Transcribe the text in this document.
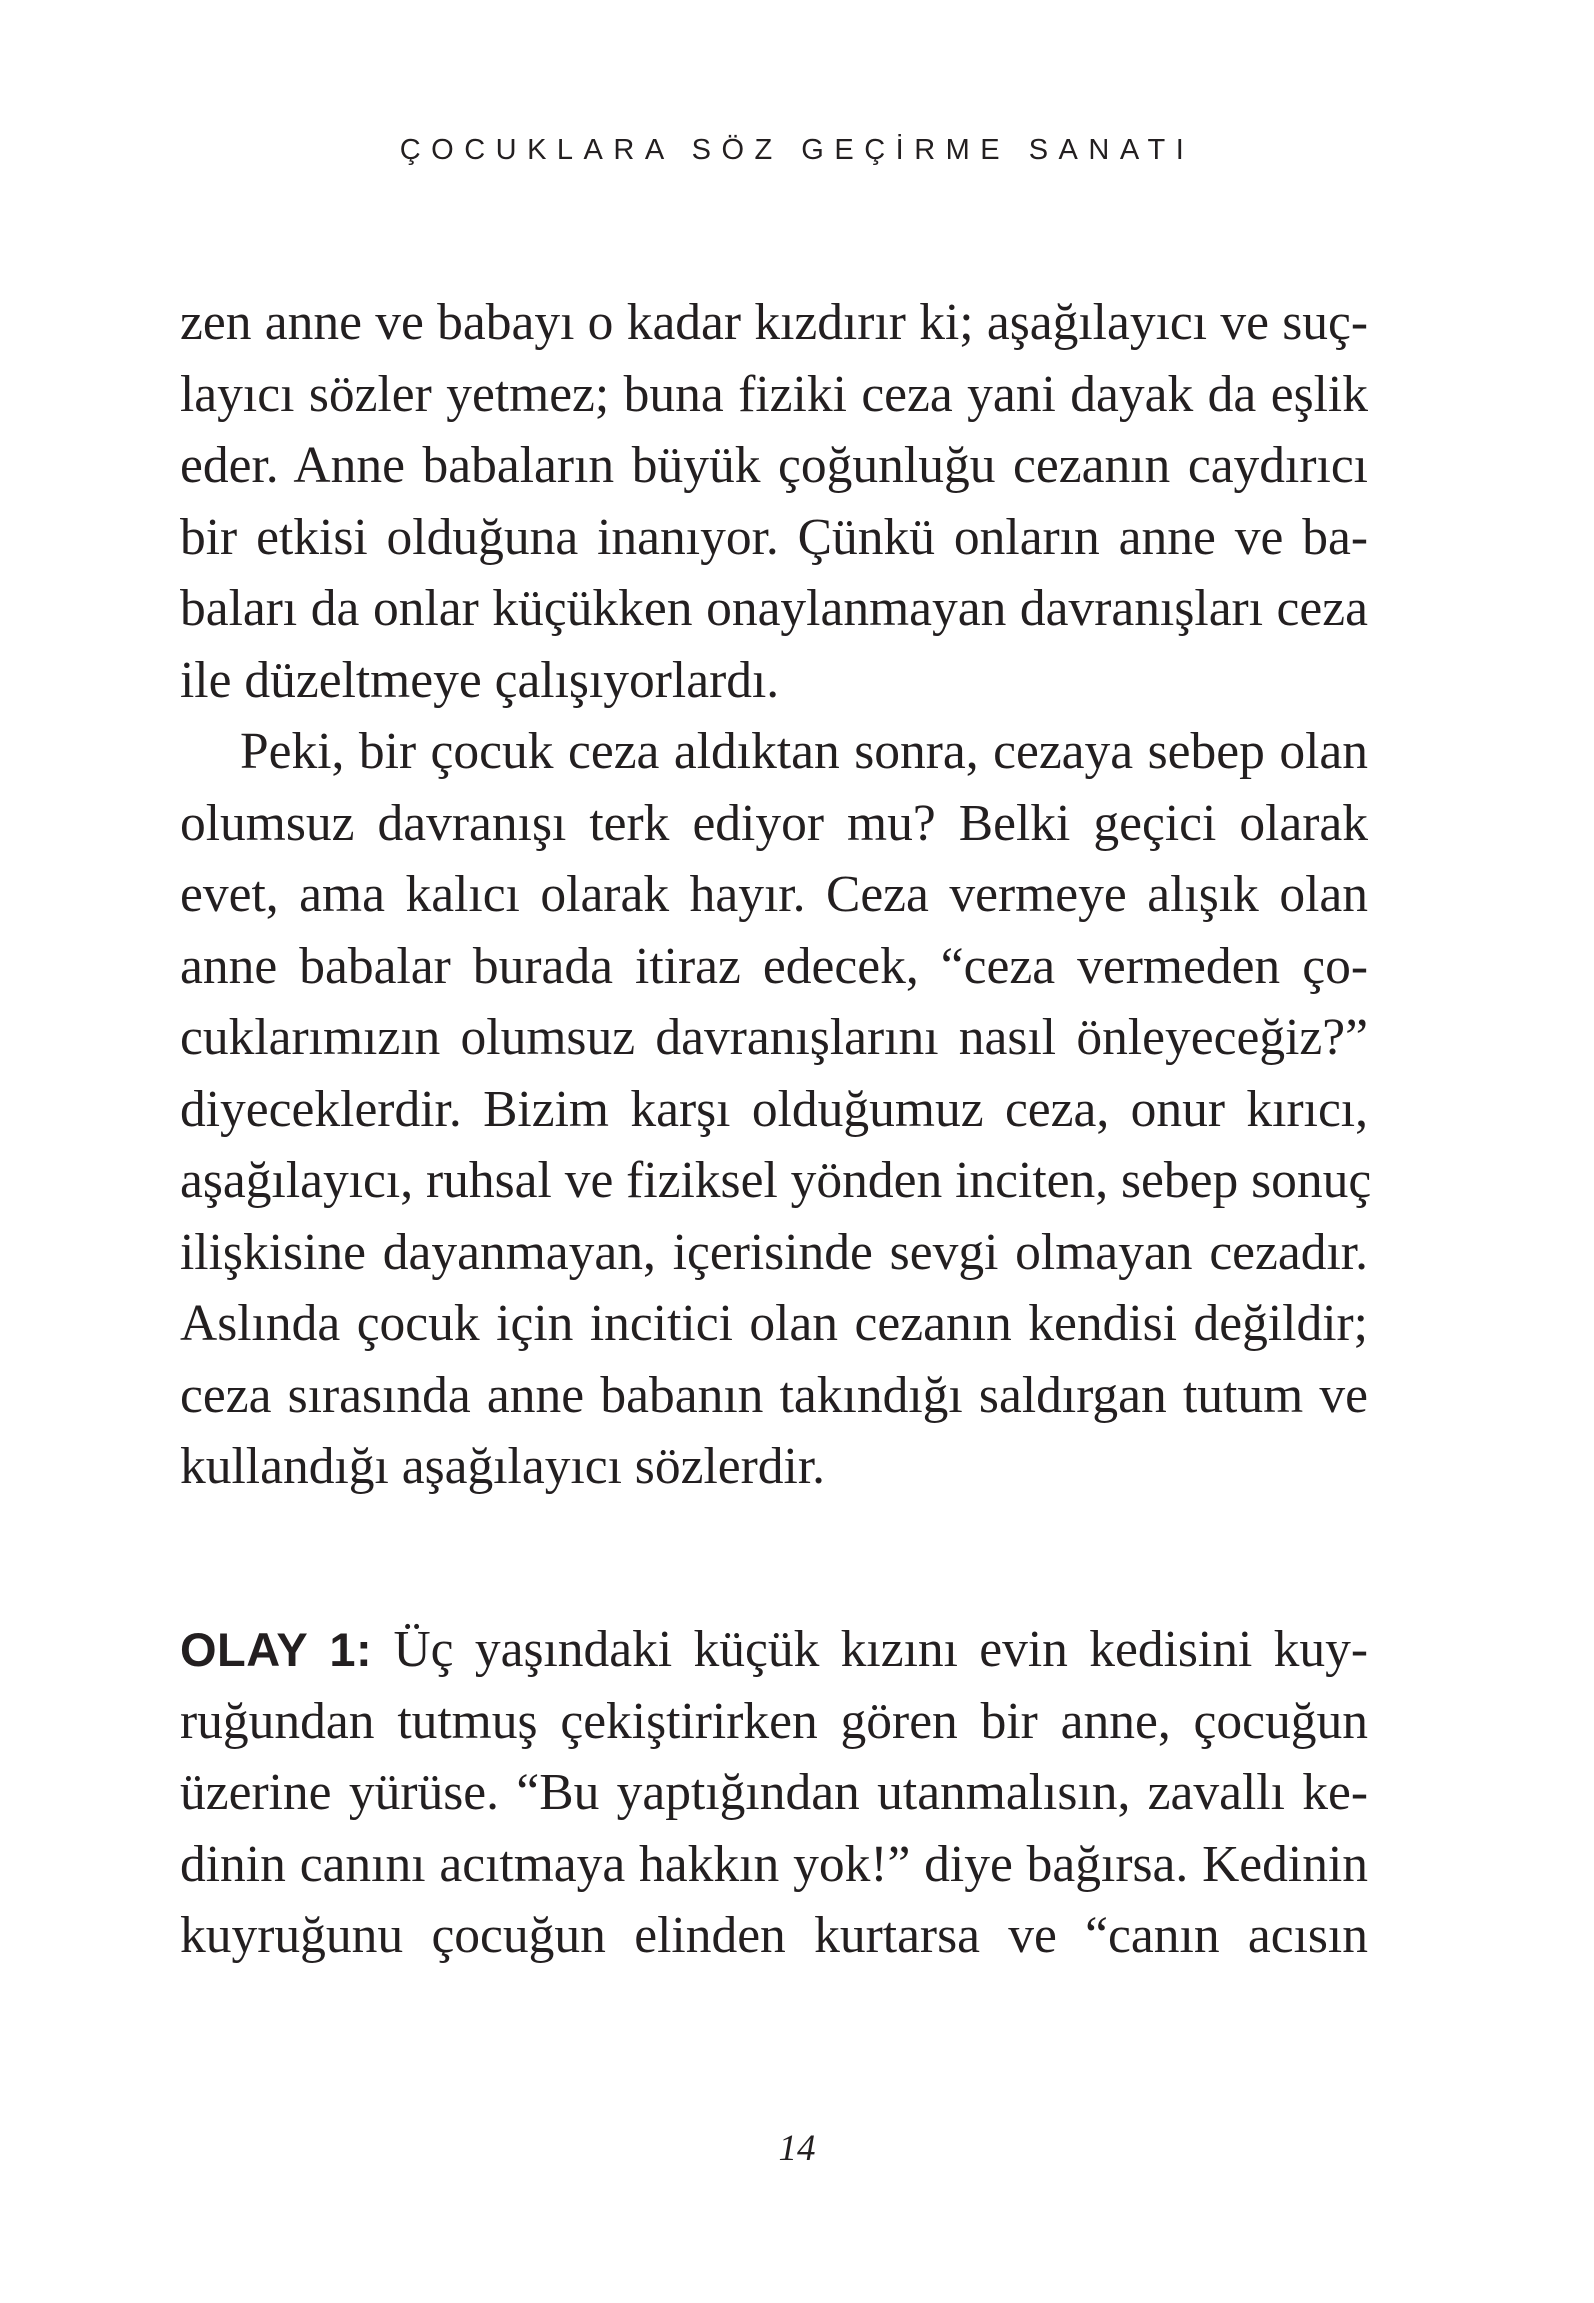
ÇOCUKLARA SÖZ GEÇİRME SANATI
zen anne ve babayı o kadar kızdırır ki; aşağılayıcı ve suç-
layıcı sözler yetmez; buna fiziki ceza yani dayak da eşlik
eder. Anne babaların büyük çoğunluğu cezanın caydırıcı
bir etkisi olduğuna inanıyor. Çünkü onların anne ve ba-
baları da onlar küçükken onaylanmayan davranışları ceza
ile düzeltmeye çalışıyorlardı.
Peki, bir çocuk ceza aldıktan sonra, cezaya sebep olan
olumsuz davranışı terk ediyor mu? Belki geçici olarak
evet, ama kalıcı olarak hayır. Ceza vermeye alışık olan
anne babalar burada itiraz edecek, “ceza vermeden ço-
cuklarımızın olumsuz davranışlarını nasıl önleyeceğiz?”
diyeceklerdir. Bizim karşı olduğumuz ceza, onur kırıcı,
aşağılayıcı, ruhsal ve fiziksel yönden inciten, sebep sonuç
ilişkisine dayanmayan, içerisinde sevgi olmayan cezadır.
Aslında çocuk için incitici olan cezanın kendisi değildir;
ceza sırasında anne babanın takındığı saldırgan tutum ve
kullandığı aşağılayıcı sözlerdir.
OLAY 1: Üç yaşındaki küçük kızını evin kedisini kuy-
ruğundan tutmuş çekiştirirken gören bir anne, çocuğun
üzerine yürüse. “Bu yaptığından utanmalısın, zavallı ke-
dinin canını acıtmaya hakkın yok!” diye bağırsa. Kedinin
kuyruğunu çocuğun elinden kurtarsa ve “canın acısın
14
